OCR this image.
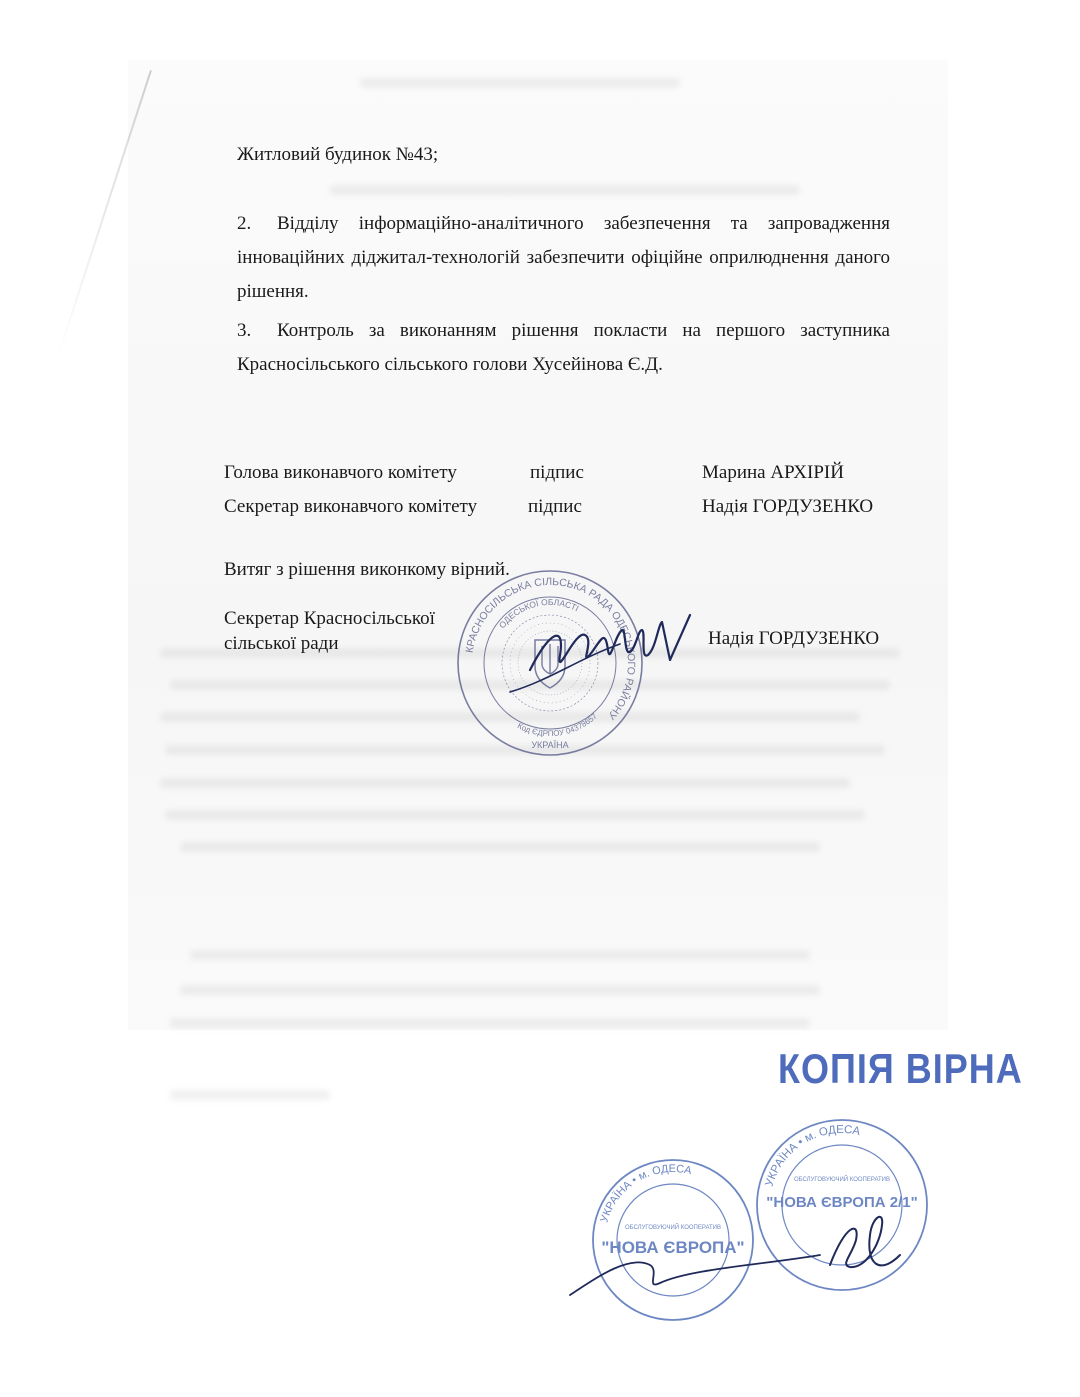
Житловий будинок №43;
2.	Відділу інформаційно-аналітичного забезпечення та запровадження інноваційних діджитал-технологій забезпечити офіційне оприлюднення даного рішення.
3.	Контроль за виконанням рішення покласти на першого заступника Красносільського сільського голови Хусейінова Є.Д.
Голова виконавчого комітету	підпис	Марина АРХІРІЙ
Секретар виконавчого комітету	підпис	Надія ГОРДУЗЕНКО
Витяг з рішення виконкому вірний.
Секретар Красносільської
сільської ради	Надія ГОРДУЗЕНКО
КРАСНОСІЛЬСЬКА СІЛЬСЬКА РАДА ОДЕСЬКОГО РАЙОНУ
ОДЕСЬКОЇ ОБЛАСТІ
Код ЄДРПОУ 04378657
УКРАЇНА
КОПІЯ ВІРНА
УКРАЇНА • м. ОДЕСА
ОБСЛУГОВУЮЧИЙ КООПЕРАТИВ
"НОВА ЄВРОПА"
УКРАЇНА • м. ОДЕСА
ОБСЛУГОВУЮЧИЙ КООПЕРАТИВ
"НОВА ЄВРОПА 2/1"
